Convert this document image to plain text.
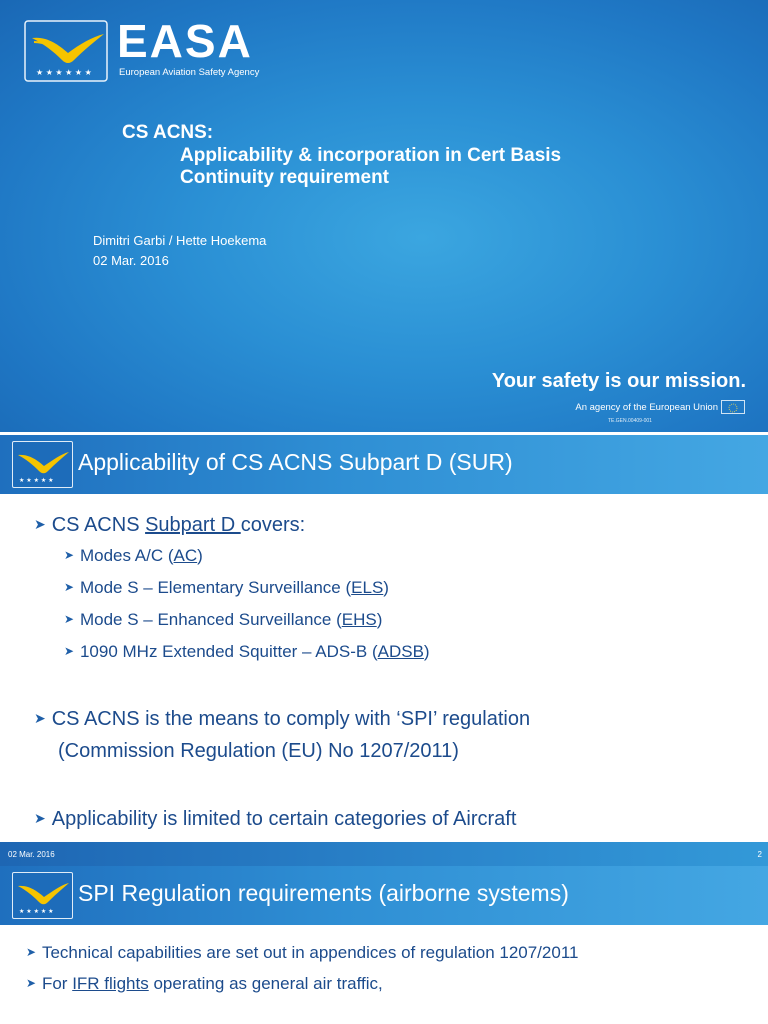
★ ★ ★ ★ ★ ★
EASA
European Aviation Safety Agency
CS ACNS:
Applicability & incorporation in Cert Basis
Continuity requirement
Dimitri Garbi / Hette Hoekema
02 Mar. 2016
Your safety is our mission.
An agency of the European Union
TE.GEN.00409-001
★ ★ ★ ★ ★
Applicability of CS ACNS Subpart D (SUR)
➤ CS ACNS Subpart D covers:
➤ Modes A/C (AC)
➤ Mode S – Elementary Surveillance (ELS)
➤ Mode S – Enhanced Surveillance (EHS)
➤ 1090 MHz Extended Squitter – ADS-B (ADSB)
➤ CS ACNS is the means to comply with ‘SPI’ regulation
(Commission Regulation (EU) No 1207/2011)
➤ Applicability is limited to certain categories of Aircraft
02 Mar. 2016	2
★ ★ ★ ★ ★
SPI Regulation requirements (airborne systems)
➤ Technical capabilities are set out in appendices of regulation 1207/2011
➤ For IFR flights operating as general air traffic,
